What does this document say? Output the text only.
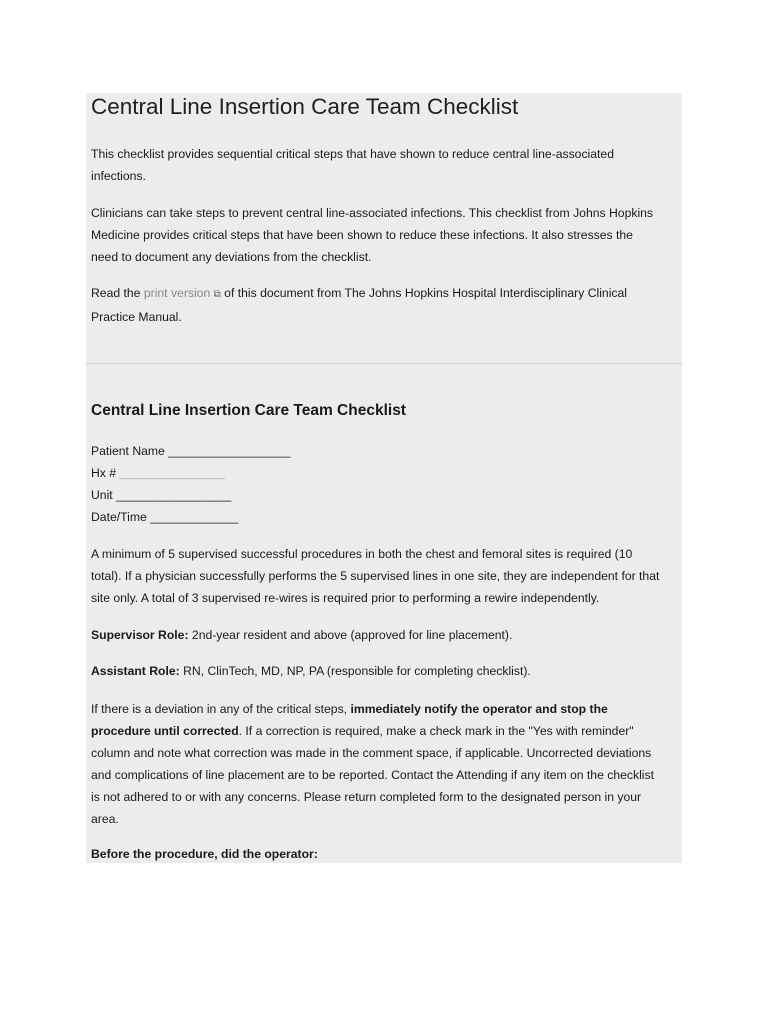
Central Line Insertion Care Team Checklist

This checklist provides sequential critical steps that have shown to reduce central line-associated
infections.

Clinicians can take steps to prevent central line-associated infections. This checklist from Johns Hopkins
Medicine provides critical steps that have been shown to reduce these infections. It also stresses the
need to document any deviations from the checklist.

Read the print version ⧉ of this document from The Johns Hopkins Hospital Interdisciplinary Clinical
Practice Manual.

Central Line Insertion Care Team Checklist
Patient Name __________________
Hx # __________________
Unit _________________
Date/Time _____________

A minimum of 5 supervised successful procedures in both the chest and femoral sites is required (10
total). If a physician successfully performs the 5 supervised lines in one site, they are independent for that
site only. A total of 3 supervised re-wires is required prior to performing a rewire independently.

Supervisor Role: 2nd-year resident and above (approved for line placement).

Assistant Role: RN, ClinTech, MD, NP, PA (responsible for completing checklist).

If there is a deviation in any of the critical steps, immediately notify the operator and stop the
procedure until corrected. If a correction is required, make a check mark in the "Yes with reminder"
column and note what correction was made in the comment space, if applicable. Uncorrected deviations
and complications of line placement are to be reported. Contact the Attending if any item on the checklist
is not adhered to or with any concerns. Please return completed form to the designated person in your
area.

Before the procedure, did the operator:
